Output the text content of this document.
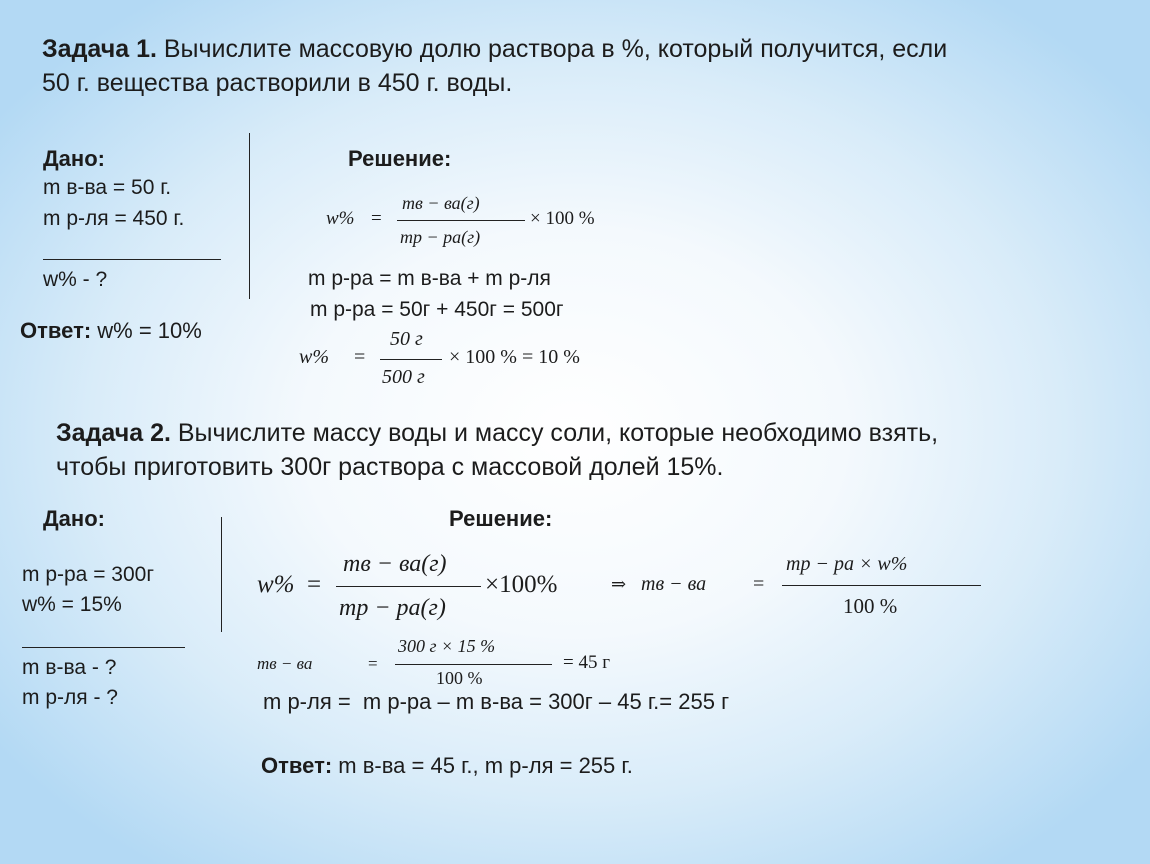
Задача 1. Вычислите массовую долю раствора в %, который получится, если
50 г. вещества растворили в 450 г. воды.
Дано:
m в-ва = 50 г.
m р-ля = 450 г.
w% - ?
Ответ: w% = 10%
Решение:
w% =
mв − ва(г)
mр − ра(г)
× 100 %
m р-ра = m в-ва + m р-ля
m р-ра = 50г + 450г = 500г
w% =
50 г
500 г
× 100 % = 10 %
Задача 2. Вычислите массу воды и массу соли, которые необходимо взять,
чтобы приготовить 300г раствора с массовой долей 15%.
Дано:
m р-ра = 300г
w% = 15%
m в-ва - ?
m р-ля - ?
Решение:
w% =
mв − ва(г)
mр − ра(г)
×100%	⇒ mв − ва =
mр − ра × w%
100 %
mв − ва	=
300 г × 15 %
100 %
= 45 г
m р-ля =  m р-ра – m в-ва = 300г – 45 г.= 255 г
Ответ: m в-ва = 45 г., m р-ля = 255 г.
